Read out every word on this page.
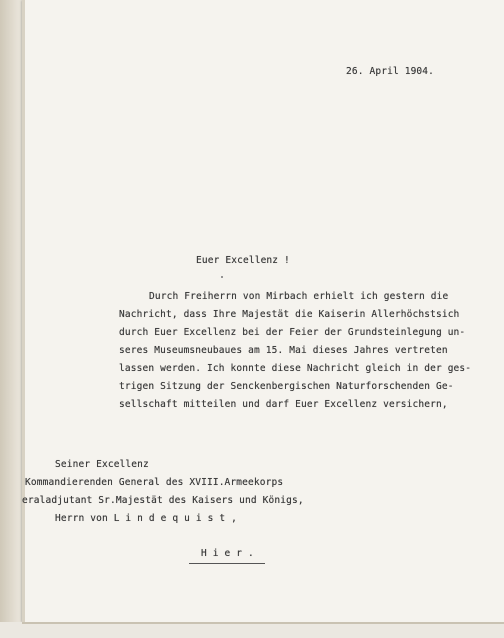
26. April 1904.
Euer Excellenz !
Durch Freiherrn von Mirbach erhielt ich gestern die
Nachricht, dass Ihre Majestät die Kaiserin Allerhöchstsich
durch Euer Excellenz bei der Feier der Grundsteinlegung un-
seres Museumsneubaues am 15. Mai dieses Jahres vertreten
lassen werden. Ich konnte diese Nachricht gleich in der ges-
trigen Sitzung der Senckenbergischen Naturforschenden Ge-
sellschaft mitteilen und darf Euer Excellenz versichern,
Seiner Excellenz
Kommandierenden General des XVIII.Armeekorps
eraladjutant Sr.Majestät des Kaisers und Königs,
Herrn von L i n d e q u i s t ,
H i e r .
